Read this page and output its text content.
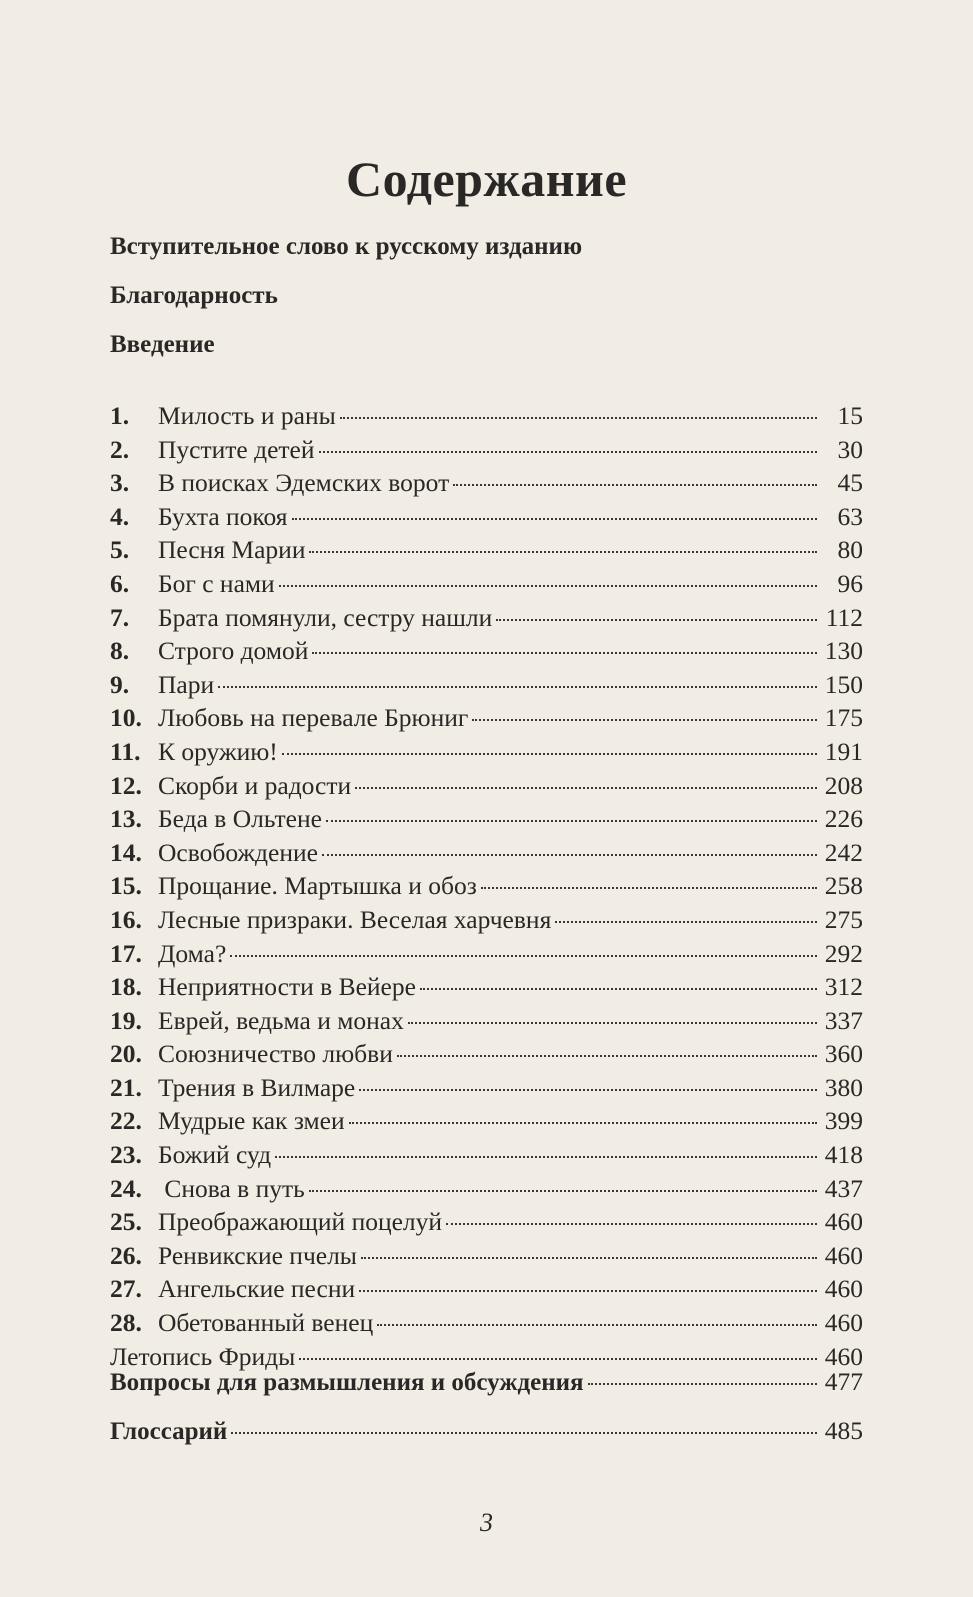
Содержание
Вступительное слово к русскому изданию
Благодарность
Введение
1.	Милость и раны	15
2.	Пустите детей	30
3.	В поисках Эдемских ворот	45
4.	Бухта покоя	63
5.	Песня Марии	80
6.	Бог с нами	96
7.	Брата помянули, сестру нашли	112
8.	Строго домой	130
9.	Пари	150
10. Любовь на перевале Брюниг	175
11. К оружию!	191
12. Скорби и радости	208
13. Беда в Ольтене	226
14. Освобождение	242
15. Прощание. Мартышка и обоз	258
16. Лесные призраки. Веселая харчевня	275
17. Дома?	292
18. Неприятности в Вейере	312
19. Еврей, ведьма и монах	337
20. Союзничество любви	360
21. Трения в Вилмаре	380
22. Мудрые как змеи	399
23. Божий суд	418
24. Снова в путь	437
25. Преображающий поцелуй	460
26. Ренвикские пчелы	460
27. Ангельские песни	460
28. Обетованный венец	460
Летопись Фриды	460
Вопросы для размышления и обсуждения	477
Глоссарий	485
3
